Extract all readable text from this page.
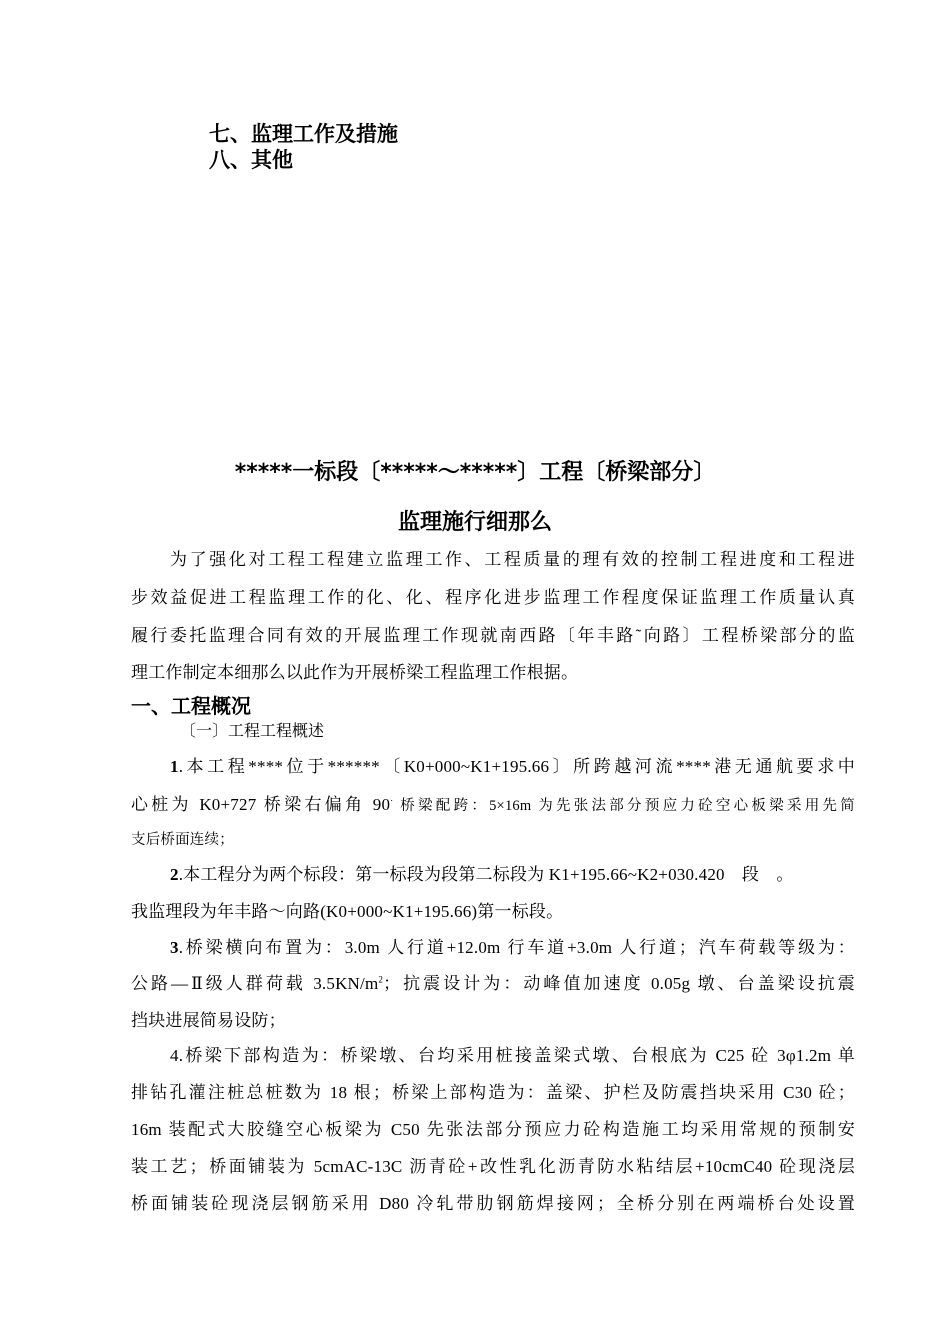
七、监理工作及措施
八、其他
*****一标段〔*****～*****〕工程〔桥梁部分〕
监理施行细那么
为了强化对工程工程建立监理工作、工程质量的理有效的控制工程进度和工程进
步效益促进工程监理工作的化、化、程序化进步监理工作程度保证监理工作质量认真
履行委托监理合同有效的开展监理工作现就南西路〔年丰路˜向路〕工程桥梁部分的监
理工作制定本细那么以此作为开展桥梁工程监理工作根据。
一、工程概况
〔一〕工程工程概述
1.本工程****位于******〔K0+000~K1+195.66〕所跨越河流****港无通航要求中
心桩为 K0+727 桥梁右偏角 90· 桥梁配跨：5×16m 为先张法部分预应力砼空心板梁采用先简
支后桥面连续；
2.本工程分为两个标段：第一标段为段第二标段为 K1+195.66~K2+030.420　段　。
我监理段为年丰路～向路(K0+000~K1+195.66)第一标段。
3.桥梁横向布置为：3.0m 人行道+12.0m 行车道+3.0m 人行道；汽车荷载等级为：
公路—Ⅱ级人群荷载 $3.5KN/m^2$；抗震设计为：动峰值加速度 0.05g 墩、台盖梁设抗震
挡块进展简易设防；
4.桥梁下部构造为：桥梁墩、台均采用桩接盖梁式墩、台根底为 C25 砼 3φ1.2m 单
排钻孔灌注桩总桩数为 18 根；桥梁上部构造为：盖梁、护栏及防震挡块采用 C30 砼；
16m 装配式大胶缝空心板梁为 C50 先张法部分预应力砼构造施工均采用常规的预制安
装工艺；桥面铺装为 5cmAC-13C 沥青砼+改性乳化沥青防水粘结层+10cmC40 砼现浇层
桥面铺装砼现浇层钢筋采用 D80 冷轧带肋钢筋焊接网；全桥分别在两端桥台处设置
